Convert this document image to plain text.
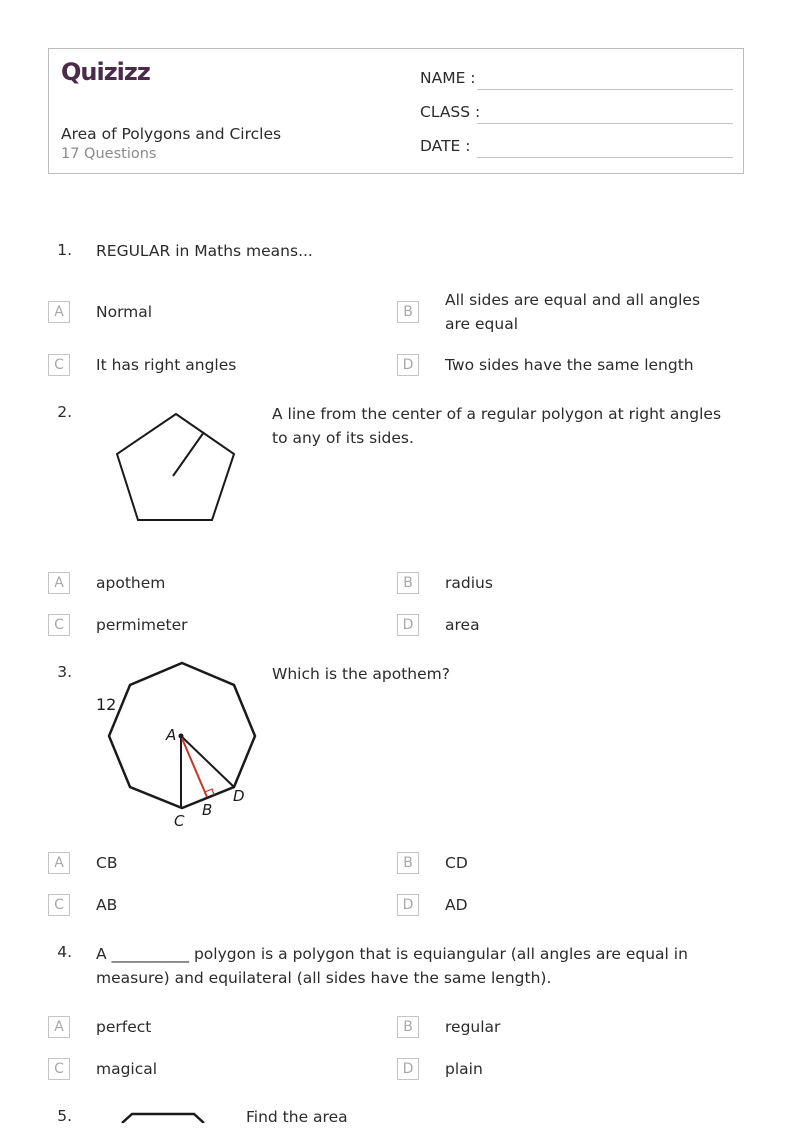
Quizizz
Area of Polygons and Circles
17 Questions
NAME :
CLASS :
DATE :
1. REGULAR in Maths means...
A	Normal	B
All sides are equal and all angles are equal
C	It has right angles	D	Two sides have the same length
2.	A line from the center of a regular polygon at right angles to any of its sides.
A	apothem	B	radius
C	permimeter	D	area
3.
12
A
B
C
D
Which is the apothem?
A	CB	B	CD
C	AB	D	AD
4. A __________ polygon is a polygon that is equiangular (all angles are equal in measure) and equilateral (all sides have the same length).
A	perfect	B	regular
C	magical	D	plain
5.	Find the area
